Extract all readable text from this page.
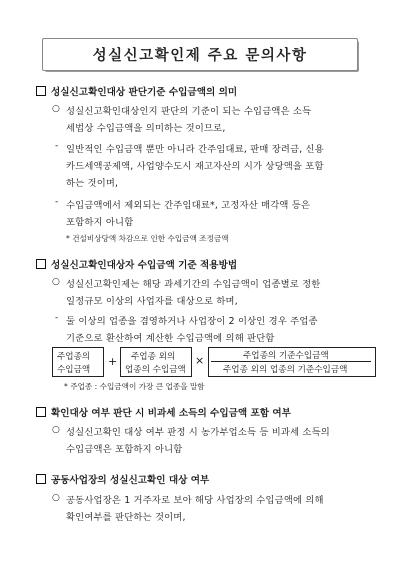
성실신고확인제 주요 문의사항
성실신고확인대상 판단기준 수입금액의 의미
○ 성실신고확인대상인지 판단의 기준이 되는 수입금액은 소득
세법상 수입금액을 의미하는 것이므로,
- 일반적인 수입금액 뿐만 아니라 간주임대료, 판매 장려금, 신용
카드세액공제액, 사업양수도시 재고자산의 시가 상당액을 포함
하는 것이며,
- 수입금액에서 제외되는 간주임대료*, 고정자산 매각액 등은
포함하지 아니함
* 건설비상당액 차감으로 인한 수입금액 조정금액
성실신고확인대상자 수입금액 기준 적용방법
○ 성실신고확인제는 해당 과세기간의 수입금액이 업종별로 정한
일정규모 이상의 사업자를 대상으로 하며,
- 둘 이상의 업종을 겸영하거나 사업장이 2 이상인 경우 주업종
기준으로 환산하여 계산한 수입금액에 의해 판단함
주업종의
수입금액
+ 주업종 외의
업종의 수입금액
×	주업종의 기준수입금액
주업종 외의 업종의 기준수입금액
* 주업종 : 수입금액이 가장 큰 업종을 말함
확인대상 여부 판단 시 비과세 소득의 수입금액 포함 여부
○ 성실신고확인 대상 여부 판정 시 농가부업소득 등 비과세 소득의
수입금액은 포함하지 아니함
공동사업장의 성실신고확인 대상 여부
○ 공동사업장은 1 거주자로 보아 해당 사업장의 수입금액에 의해
확인여부를 판단하는 것이며,
